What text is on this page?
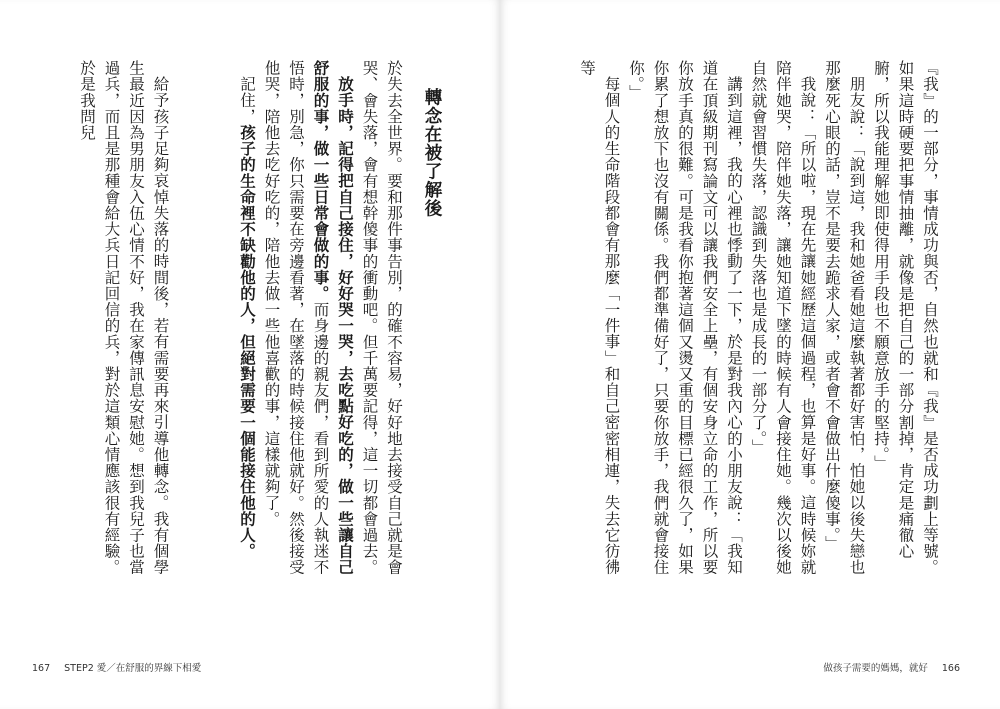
轉念在被了解後

於失去全世界。要和那件事告別，的確不容易，好好地去接受自己就是會哭、會失落，會有想幹傻事的衝動吧。但千萬要記得，這一切都會過去。

放手時，記得把自己接住，好好哭一哭，去吃點好吃的，做一些讓自己舒服的事，做一些日常會做的事。而身邊的親友們，看到所愛的人執迷不悟時，別急，你只需要在旁邊看著，在墜落的時候接住他就好。然後接受他哭，陪他去吃好吃的，陪他去做一些他喜歡的事，這樣就夠了。

記住，孩子的生命裡不缺勸他的人，但絕對需要一個能接住他的人。

給予孩子足夠哀悼失落的時間後，若有需要再來引導他轉念。我有個學生最近因為男朋友入伍心情不好，我在家傳訊息安慰她。想到我兒子也當過兵，而且是那種會給大兵日記回信的兵，對於這類心情應該很有經驗。於是我問兒

167 STEP2 愛／在舒服的界線下相愛

『我』的一部分，事情成功與否，自然也就和『我』是否成功劃上等號。如果這時硬要把事情抽離，就像是把自己的一部分割掉，肯定是痛徹心腑，所以我能理解她即使得用手段也不願意放手的堅持。」

朋友說：「說到這，我和她爸看她這麼執著都好害怕，怕她以後失戀也那麼死心眼的話，豈不是要去跪求人家，或者會不會做出什麼傻事。」

我說：「所以啦，現在先讓她經歷這個過程，也算是好事。這時候妳就陪伴她哭，陪伴她失落，讓她知道下墜的時候有人會接住她。幾次以後她自然就會習慣失落，認識到失落也是成長的一部分了。」

講到這裡，我的心裡也悸動了一下，於是對我內心的小朋友說：「我知道在頂級期刊寫論文可以讓我們安全上壘，有個安身立命的工作，所以要你放手真的很難。可是我看你抱著這個又燙又重的目標已經很久了，如果你累了想放下也沒有關係。我們都準備好了，只要你放手，我們就會接住你。」

每個人的生命階段都會有那麼「一件事」和自己密密相連，失去它彷彿等

做孩子需要的媽媽，就好 166
